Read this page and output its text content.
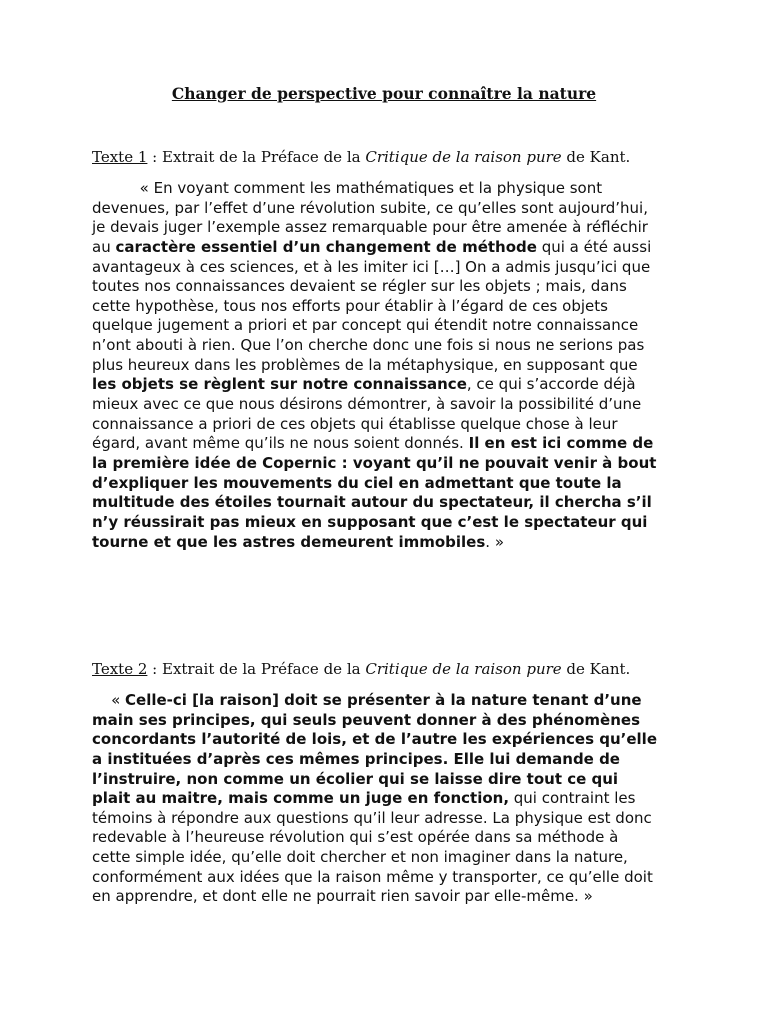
Changer de perspective pour connaître la nature
Texte 1 : Extrait de la Préface de la Critique de la raison pure de Kant.
« En voyant comment les mathématiques et la physique sont
devenues, par l’effet d’une révolution subite, ce qu’elles sont aujourd’hui,
je devais juger l’exemple assez remarquable pour être amenée à réfléchir
au caractère essentiel d’un changement de méthode qui a été aussi
avantageux à ces sciences, et à les imiter ici […] On a admis jusqu’ici que
toutes nos connaissances devaient se régler sur les objets ; mais, dans
cette hypothèse, tous nos efforts pour établir à l’égard de ces objets
quelque jugement a priori et par concept qui étendit notre connaissance
n’ont abouti à rien. Que l’on cherche donc une fois si nous ne serions pas
plus heureux dans les problèmes de la métaphysique, en supposant que
les objets se règlent sur notre connaissance, ce qui s’accorde déjà
mieux avec ce que nous désirons démontrer, à savoir la possibilité d’une
connaissance a priori de ces objets qui établisse quelque chose à leur
égard, avant même qu’ils ne nous soient donnés. Il en est ici comme de
la première idée de Copernic : voyant qu’il ne pouvait venir à bout
d’expliquer les mouvements du ciel en admettant que toute la
multitude des étoiles tournait autour du spectateur, il chercha s’il
n’y réussirait pas mieux en supposant que c’est le spectateur qui
tourne et que les astres demeurent immobiles. »
Texte 2 : Extrait de la Préface de la Critique de la raison pure de Kant.
« Celle-ci [la raison] doit se présenter à la nature tenant d’une
main ses principes, qui seuls peuvent donner à des phénomènes
concordants l’autorité de lois, et de l’autre les expériences qu’elle
a instituées d’après ces mêmes principes. Elle lui demande de
l’instruire, non comme un écolier qui se laisse dire tout ce qui
plait au maitre, mais comme un juge en fonction, qui contraint les
témoins à répondre aux questions qu’il leur adresse. La physique est donc
redevable à l’heureuse révolution qui s’est opérée dans sa méthode à
cette simple idée, qu’elle doit chercher et non imaginer dans la nature,
conformément aux idées que la raison même y transporter, ce qu’elle doit
en apprendre, et dont elle ne pourrait rien savoir par elle-même. »
